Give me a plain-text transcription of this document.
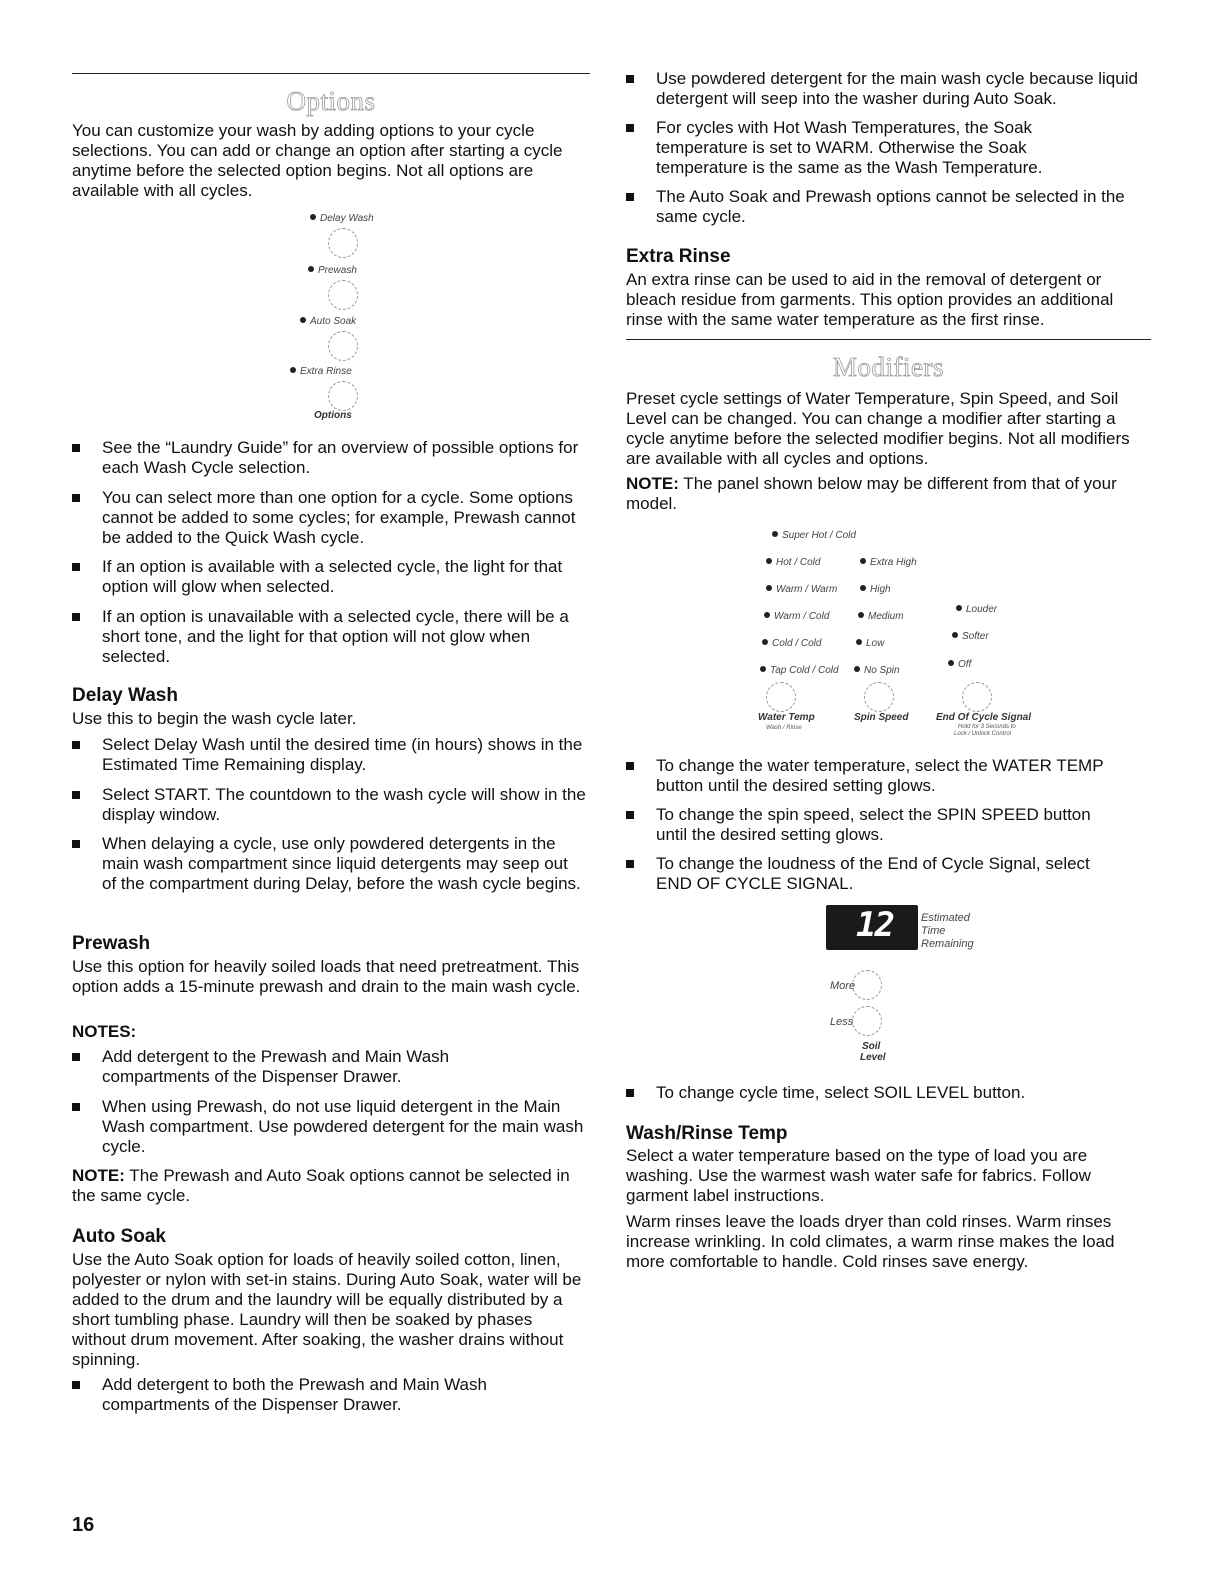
Options

You can customize your wash by adding options to your cycle selections. You can add or change an option after starting a cycle anytime before the selected option begins. Not all options are available with all cycles.

Delay Wash
Prewash
Auto Soak
Extra Rinse
Options
See the “Laundry Guide” for an overview of possible options for each Wash Cycle selection.
You can select more than one option for a cycle. Some options cannot be added to some cycles; for example, Prewash cannot be added to the Quick Wash cycle.
If an option is available with a selected cycle, the light for that option will glow when selected.
If an option is unavailable with a selected cycle, there will be a short tone, and the light for that option will not glow when selected.
Delay Wash

Use this to begin the wash cycle later.

Select Delay Wash until the desired time (in hours) shows in the Estimated Time Remaining display.
Select START. The countdown to the wash cycle will show in the display window.
When delaying a cycle, use only powdered detergents in the main wash compartment since liquid detergents may seep out of the compartment during Delay, before the wash cycle begins.
Prewash

Use this option for heavily soiled loads that need pretreatment. This option adds a 15-minute prewash and drain to the main wash cycle.

NOTES:
Add detergent to the Prewash and Main Wash compartments of the Dispenser Drawer.
When using Prewash, do not use liquid detergent in the Main Wash compartment. Use powdered detergent for the main wash cycle.

NOTE: The Prewash and Auto Soak options cannot be selected in the same cycle.

Auto Soak

Use the Auto Soak option for loads of heavily soiled cotton, linen, polyester or nylon with set-in stains. During Auto Soak, water will be added to the drum and the laundry will be equally distributed by a short tumbling phase. Laundry will then be soaked by phases without drum movement. After soaking, the washer drains without spinning.

Add detergent to both the Prewash and Main Wash compartments of the Dispenser Drawer.
16
Use powdered detergent for the main wash cycle because liquid detergent will seep into the washer during Auto Soak.
For cycles with Hot Wash Temperatures, the Soak temperature is set to WARM. Otherwise the Soak temperature is the same as the Wash Temperature.
The Auto Soak and Prewash options cannot be selected in the same cycle.
Extra Rinse

An extra rinse can be used to aid in the removal of detergent or bleach residue from garments. This option provides an additional rinse with the same water temperature as the first rinse.

Modifiers

Preset cycle settings of Water Temperature, Spin Speed, and Soil Level can be changed. You can change a modifier after starting a cycle anytime before the selected modifier begins. Not all modifiers are available with all cycles and options.

NOTE: The panel shown below may be different from that of your model.

Super Hot / Cold
Hot / Cold
Warm / Warm
Warm / Cold
Cold / Cold
Tap Cold / Cold
Water Temp
Wash / Rinse
Extra High
High
Medium
Low
No Spin
Spin Speed
Louder
Softer
Off
End Of Cycle Signal
Hold for 3 Seconds to
Lock / Unlock Control
To change the water temperature, select the WATER TEMP button until the desired setting glows.
To change the spin speed, select the SPIN SPEED button until the desired setting glows.
To change the loudness of the End of Cycle Signal, select END OF CYCLE SIGNAL.
12	Estimated
Time
Remaining
More
Less
Soil
Level
To change cycle time, select SOIL LEVEL button.
Wash/Rinse Temp

Select a water temperature based on the type of load you are washing. Use the warmest wash water safe for fabrics. Follow garment label instructions.

Warm rinses leave the loads dryer than cold rinses. Warm rinses increase wrinkling. In cold climates, a warm rinse makes the load more comfortable to handle. Cold rinses save energy.
